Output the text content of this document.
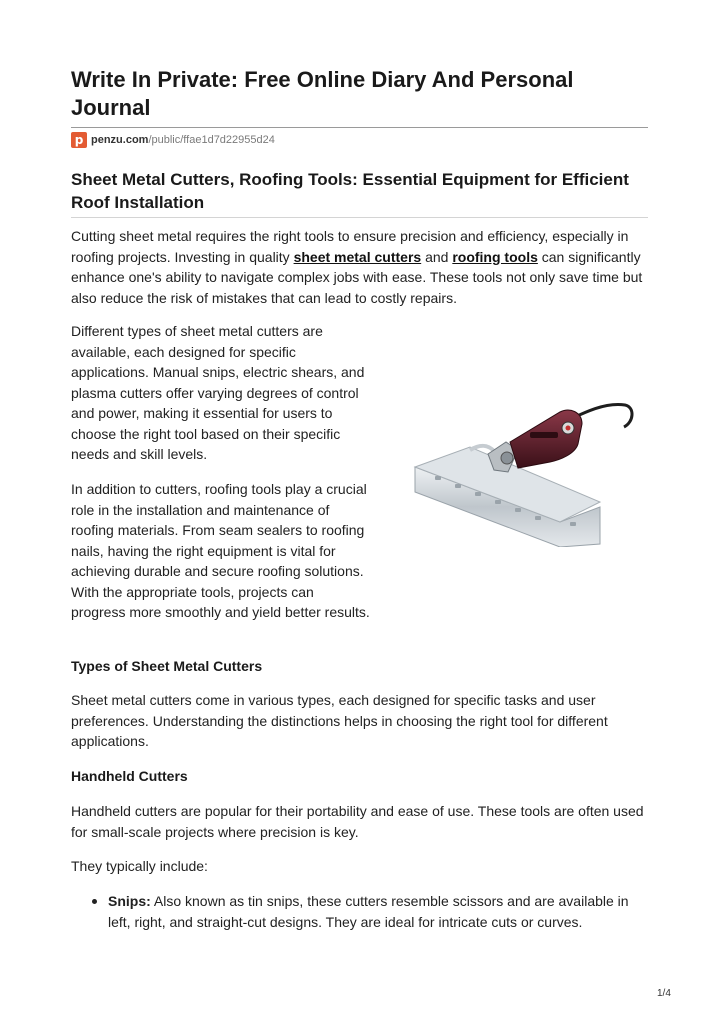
Write In Private: Free Online Diary And Personal Journal
p penzu.com /public/ffae1d7d22955d24
Sheet Metal Cutters, Roofing Tools: Essential Equipment for Efficient Roof Installation

Cutting sheet metal requires the right tools to ensure precision and efficiency, especially in roofing projects. Investing in quality sheet metal cutters and roofing tools can significantly enhance one's ability to navigate complex jobs with ease. These tools not only save time but also reduce the risk of mistakes that can lead to costly repairs.

Different types of sheet metal cutters are available, each designed for specific applications. Manual snips, electric shears, and plasma cutters offer varying degrees of control and power, making it essential for users to choose the right tool based on their specific needs and skill levels.

In addition to cutters, roofing tools play a crucial role in the installation and maintenance of roofing materials. From seam sealers to roofing nails, having the right equipment is vital for achieving durable and secure roofing solutions. With the appropriate tools, projects can progress more smoothly and yield better results.

Types of Sheet Metal Cutters

Sheet metal cutters come in various types, each designed for specific tasks and user preferences. Understanding the distinctions helps in choosing the right tool for different applications.

Handheld Cutters

Handheld cutters are popular for their portability and ease of use. These tools are often used for small-scale projects where precision is key.

They typically include:

Snips: Also known as tin snips, these cutters resemble scissors and are available in left, right, and straight-cut designs. They are ideal for intricate cuts or curves.
1/4
